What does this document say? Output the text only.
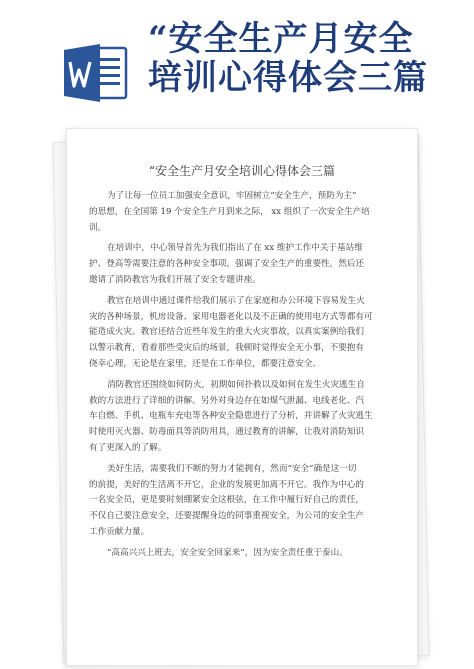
“安全生产月安全
培训心得体会三篇
“安全生产月安全培训心得体会三篇
为了让每一位员工加强安全意识，牢固树立“安全生产，预防为主”
的思想，在全国第 19 个安全生产月到来之际， xx 组织了一次安全生产培
训。
在培训中，中心领导首先为我们指出了在 xx 维护工作中关于基站维
护、登高等需要注意的各种安全事项，强调了安全生产的重要性，然后还
邀请了消防教官为我们开展了安全专题讲座。
教官在培训中通过课件给我们展示了在家庭和办公环境下容易发生火
灾的各种场景，机房设备、家用电器老化以及不正确的使用电方式等都有可
能造成火灾。教官还结合近些年发生的重大火灾事故，以真实案例给我们
以警示教育，看着那些受灾后的场景，我顿时觉得安全无小事，不要抱有
侥幸心理，无论是在家里，还是在工作单位，都要注意安全。
消防教官还围绕如何防火，初期如何扑救以及如何在发生火灾逃生自
救的方法进行了详细的讲解。另外对身边存在如煤气泄漏、电线老化、汽
车自燃、手机、电瓶车充电等各种安全隐患进行了分析，并讲解了火灾逃生
时使用灭火器、防毒面具等消防用具，通过教育的讲解，让我对消防知识
有了更深入的了解。
美好生活，需要我们不断的努力才能拥有，然而“安全”确是这一切
的前提，美好的生活离不开它，企业的发展更加离不开它。我作为中心的
一名安全员，更是要时刻绷紧安全这根弦，在工作中履行好自己的责任，
不仅自己要注意安全，还要提醒身边的同事重视安全，为公司的安全生产
工作贡献力量。
“高高兴兴上班去，安全安全回家来”，因为安全责任重于泰山。
